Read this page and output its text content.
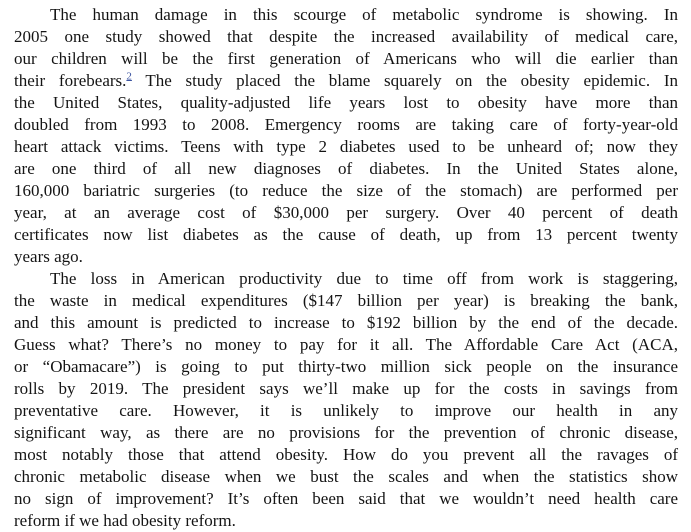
The human damage in this scourge of metabolic syndrome is showing. In
2005 one study showed that despite the increased availability of medical care,
our children will be the first generation of Americans who will die earlier than
their forebears.$^2$ The study placed the blame squarely on the obesity epidemic. In
the United States, quality-adjusted life years lost to obesity have more than
doubled from 1993 to 2008. Emergency rooms are taking care of forty-year-old
heart attack victims. Teens with type 2 diabetes used to be unheard of; now they
are one third of all new diagnoses of diabetes. In the United States alone,
160,000 bariatric surgeries (to reduce the size of the stomach) are performed per
year, at an average cost of $30,000 per surgery. Over 40 percent of death
certificates now list diabetes as the cause of death, up from 13 percent twenty
years ago.
The loss in American productivity due to time off from work is staggering,
the waste in medical expenditures ($147 billion per year) is breaking the bank,
and this amount is predicted to increase to $192 billion by the end of the decade.
Guess what? There’s no money to pay for it all. The Affordable Care Act (ACA,
or “Obamacare”) is going to put thirty-two million sick people on the insurance
rolls by 2019. The president says we’ll make up for the costs in savings from
preventative care. However, it is unlikely to improve our health in any
significant way, as there are no provisions for the prevention of chronic disease,
most notably those that attend obesity. How do you prevent all the ravages of
chronic metabolic disease when we bust the scales and when the statistics show
no sign of improvement? It’s often been said that we wouldn’t need health care
reform if we had obesity reform.
